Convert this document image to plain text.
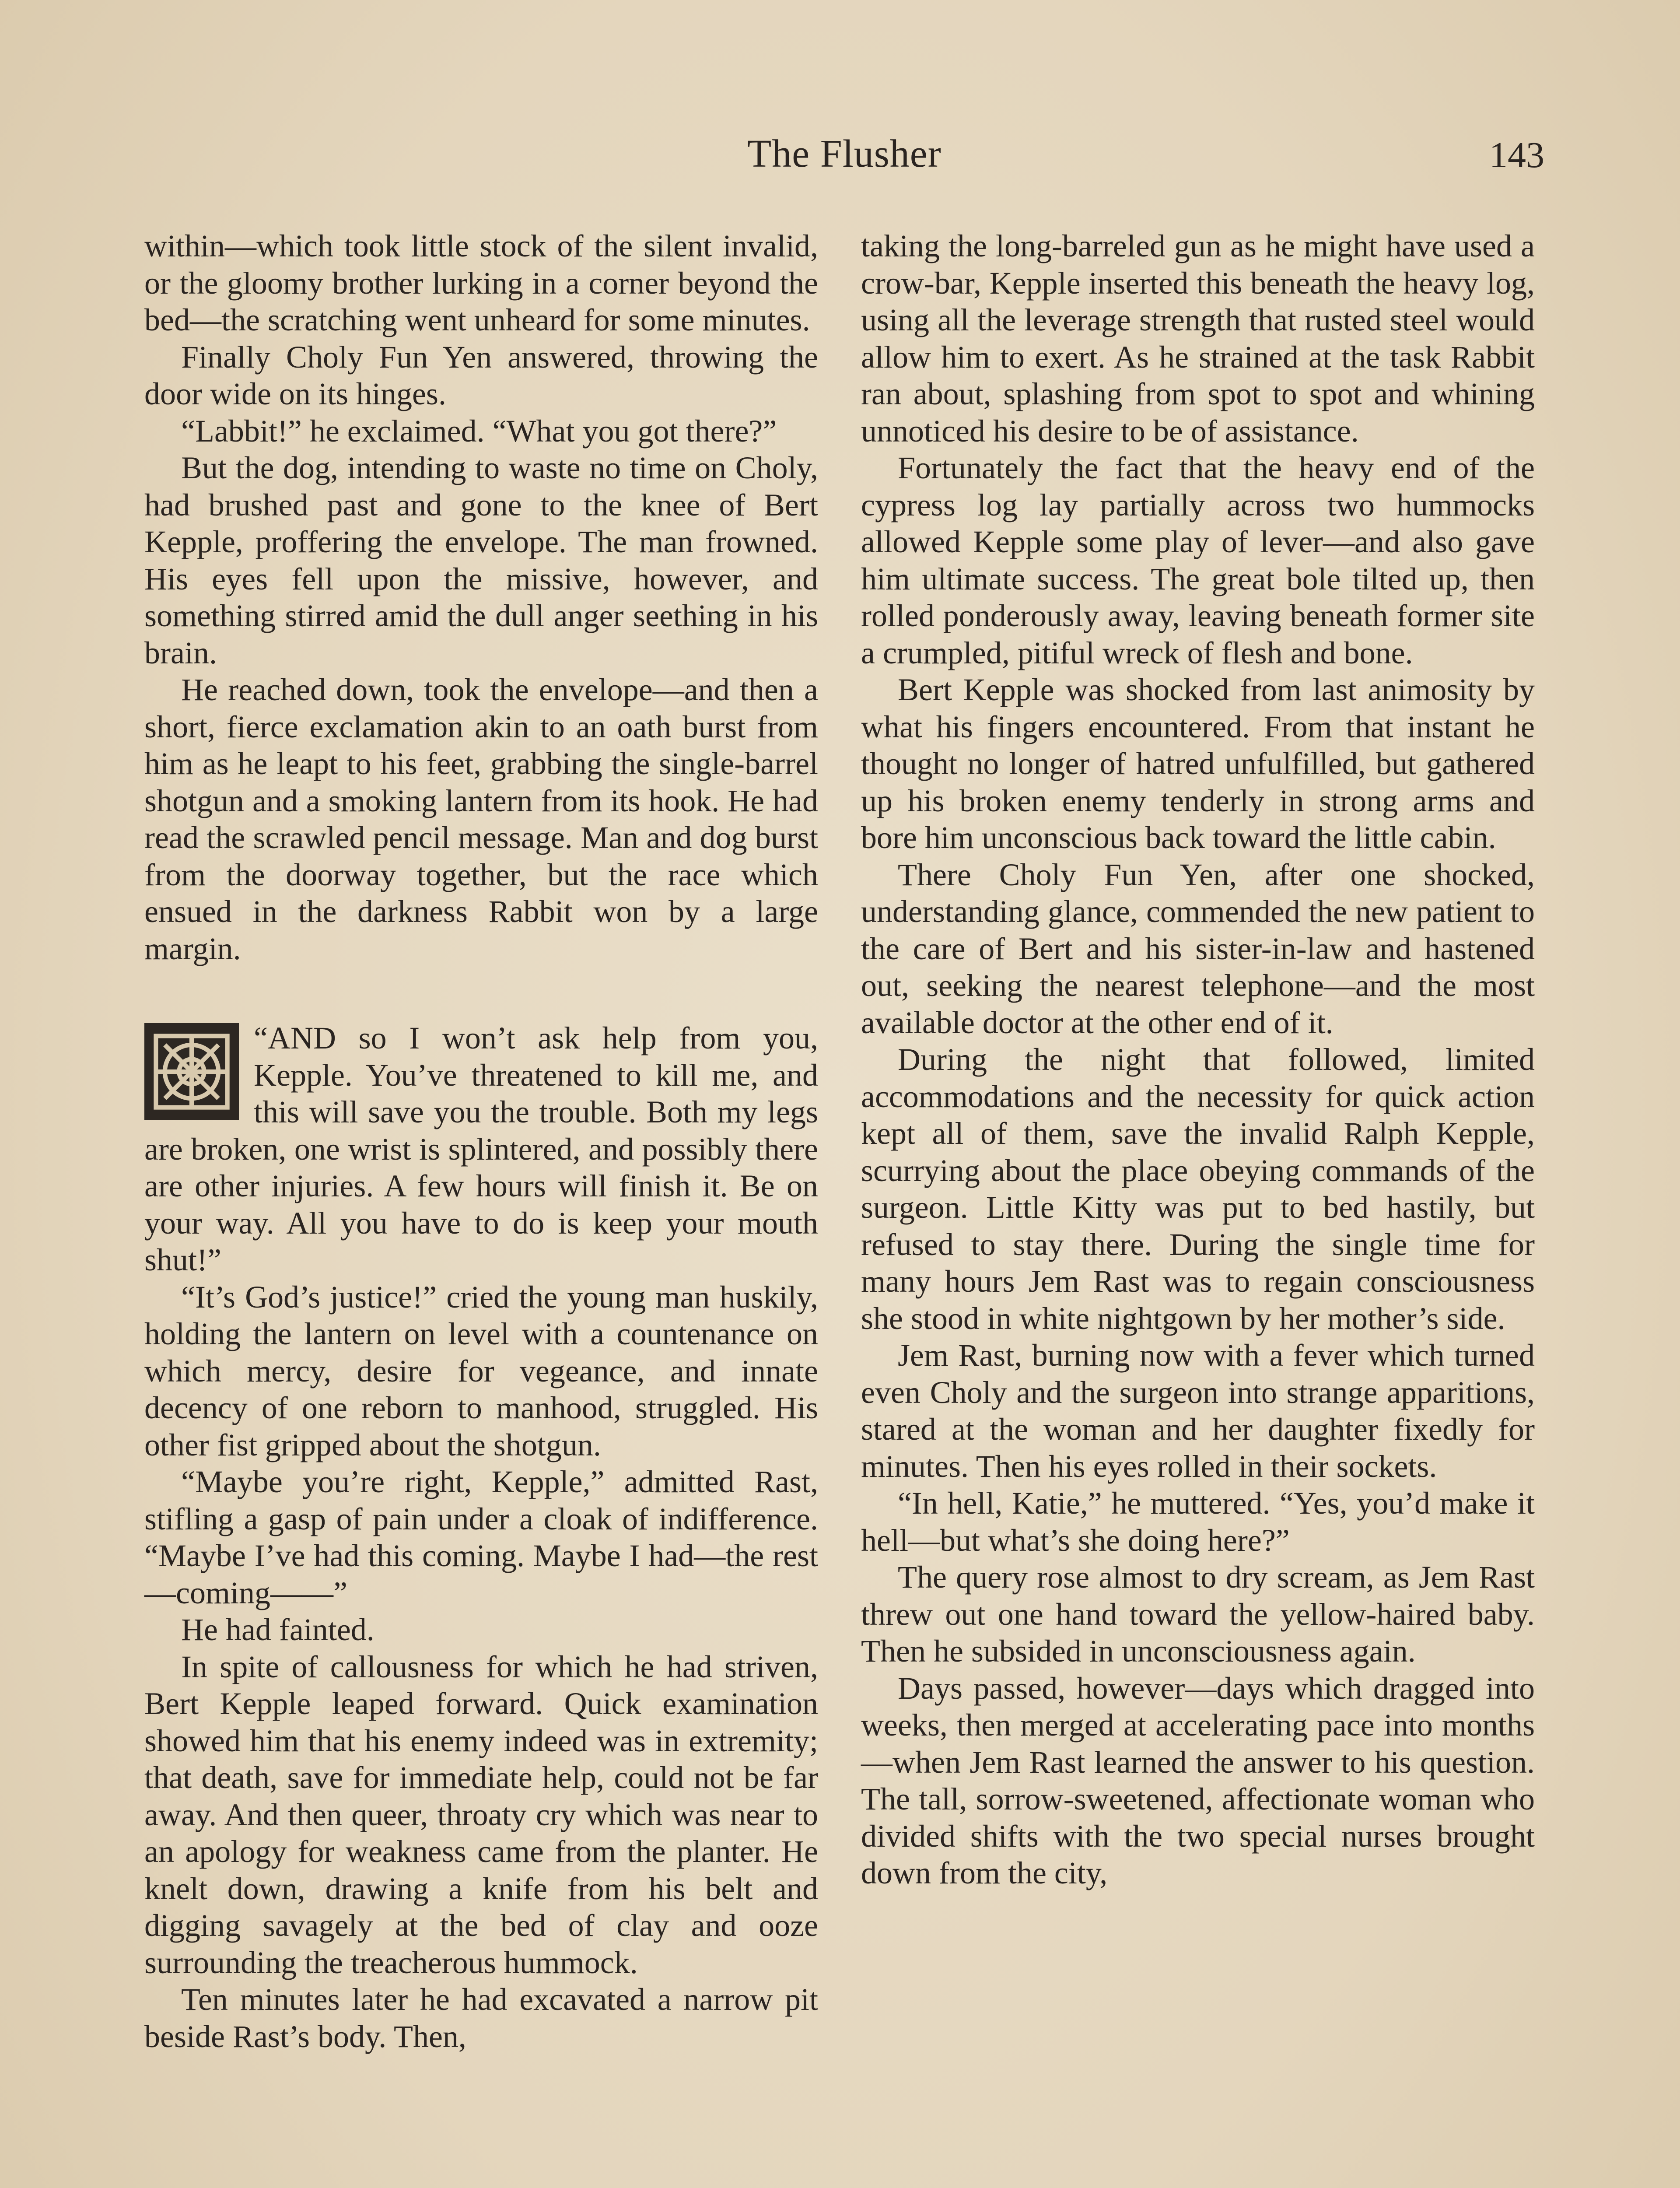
The Flusher	143

within—which took little stock of the silent invalid, or the gloomy brother lurking in a corner beyond the bed—the scratching went unheard for some minutes.

Finally Choly Fun Yen answered, throwing the door wide on its hinges.

“Labbit!” he exclaimed. “What you got there?”

But the dog, intending to waste no time on Choly, had brushed past and gone to the knee of Bert Kepple, proffering the envelope. The man frowned. His eyes fell upon the missive, however, and something stirred amid the dull anger seething in his brain.

He reached down, took the envelope—and then a short, fierce exclamation akin to an oath burst from him as he leapt to his feet, grabbing the single-barrel shotgun and a smoking lantern from its hook. He had read the scrawled pencil message. Man and dog burst from the doorway together, but the race which ensued in the darkness Rabbit won by a large margin.

“AND so I won’t ask help from you, Kepple. You’ve threatened to kill me, and this will save you the trouble. Both my legs are broken, one wrist is splintered, and possibly there are other injuries. A few hours will finish it. Be on your way. All you have to do is keep your mouth shut!”

“It’s God’s justice!” cried the young man huskily, holding the lantern on level with a countenance on which mercy, desire for vegeance, and innate decency of one reborn to manhood, struggled. His other fist gripped about the shotgun.

“Maybe you’re right, Kepple,” admitted Rast, stifling a gasp of pain under a cloak of indifference. “Maybe I’ve had this coming. Maybe I had—the rest—coming——”

He had fainted.

In spite of callousness for which he had striven, Bert Kepple leaped forward. Quick examination showed him that his enemy indeed was in extremity; that death, save for immediate help, could not be far away. And then queer, throaty cry which was near to an apology for weakness came from the planter. He knelt down, drawing a knife from his belt and digging savagely at the bed of clay and ooze surrounding the treacherous hummock.

Ten minutes later he had excavated a narrow pit beside Rast’s body. Then,

taking the long-barreled gun as he might have used a crow-bar, Kepple inserted this beneath the heavy log, using all the leverage strength that rusted steel would allow him to exert. As he strained at the task Rabbit ran about, splashing from spot to spot and whining unnoticed his desire to be of assistance.

Fortunately the fact that the heavy end of the cypress log lay partially across two hummocks allowed Kepple some play of lever—and also gave him ultimate success. The great bole tilted up, then rolled ponderously away, leaving beneath former site a crumpled, pitiful wreck of flesh and bone.

Bert Kepple was shocked from last animosity by what his fingers encountered. From that instant he thought no longer of hatred unfulfilled, but gathered up his broken enemy tenderly in strong arms and bore him unconscious back toward the little cabin.

There Choly Fun Yen, after one shocked, understanding glance, commended the new patient to the care of Bert and his sister-in-law and hastened out, seeking the nearest telephone—and the most available doctor at the other end of it.

During the night that followed, limited accommodations and the necessity for quick action kept all of them, save the invalid Ralph Kepple, scurrying about the place obeying commands of the surgeon. Little Kitty was put to bed hastily, but refused to stay there. During the single time for many hours Jem Rast was to regain consciousness she stood in white nightgown by her mother’s side.

Jem Rast, burning now with a fever which turned even Choly and the surgeon into strange apparitions, stared at the woman and her daughter fixedly for minutes. Then his eyes rolled in their sockets.

“In hell, Katie,” he muttered. “Yes, you’d make it hell—but what’s she doing here?”

The query rose almost to dry scream, as Jem Rast threw out one hand toward the yellow-haired baby. Then he subsided in unconsciousness again.

Days passed, however—days which dragged into weeks, then merged at accelerating pace into months—when Jem Rast learned the answer to his question. The tall, sorrow-sweetened, affectionate woman who divided shifts with the two special nurses brought down from the city,
